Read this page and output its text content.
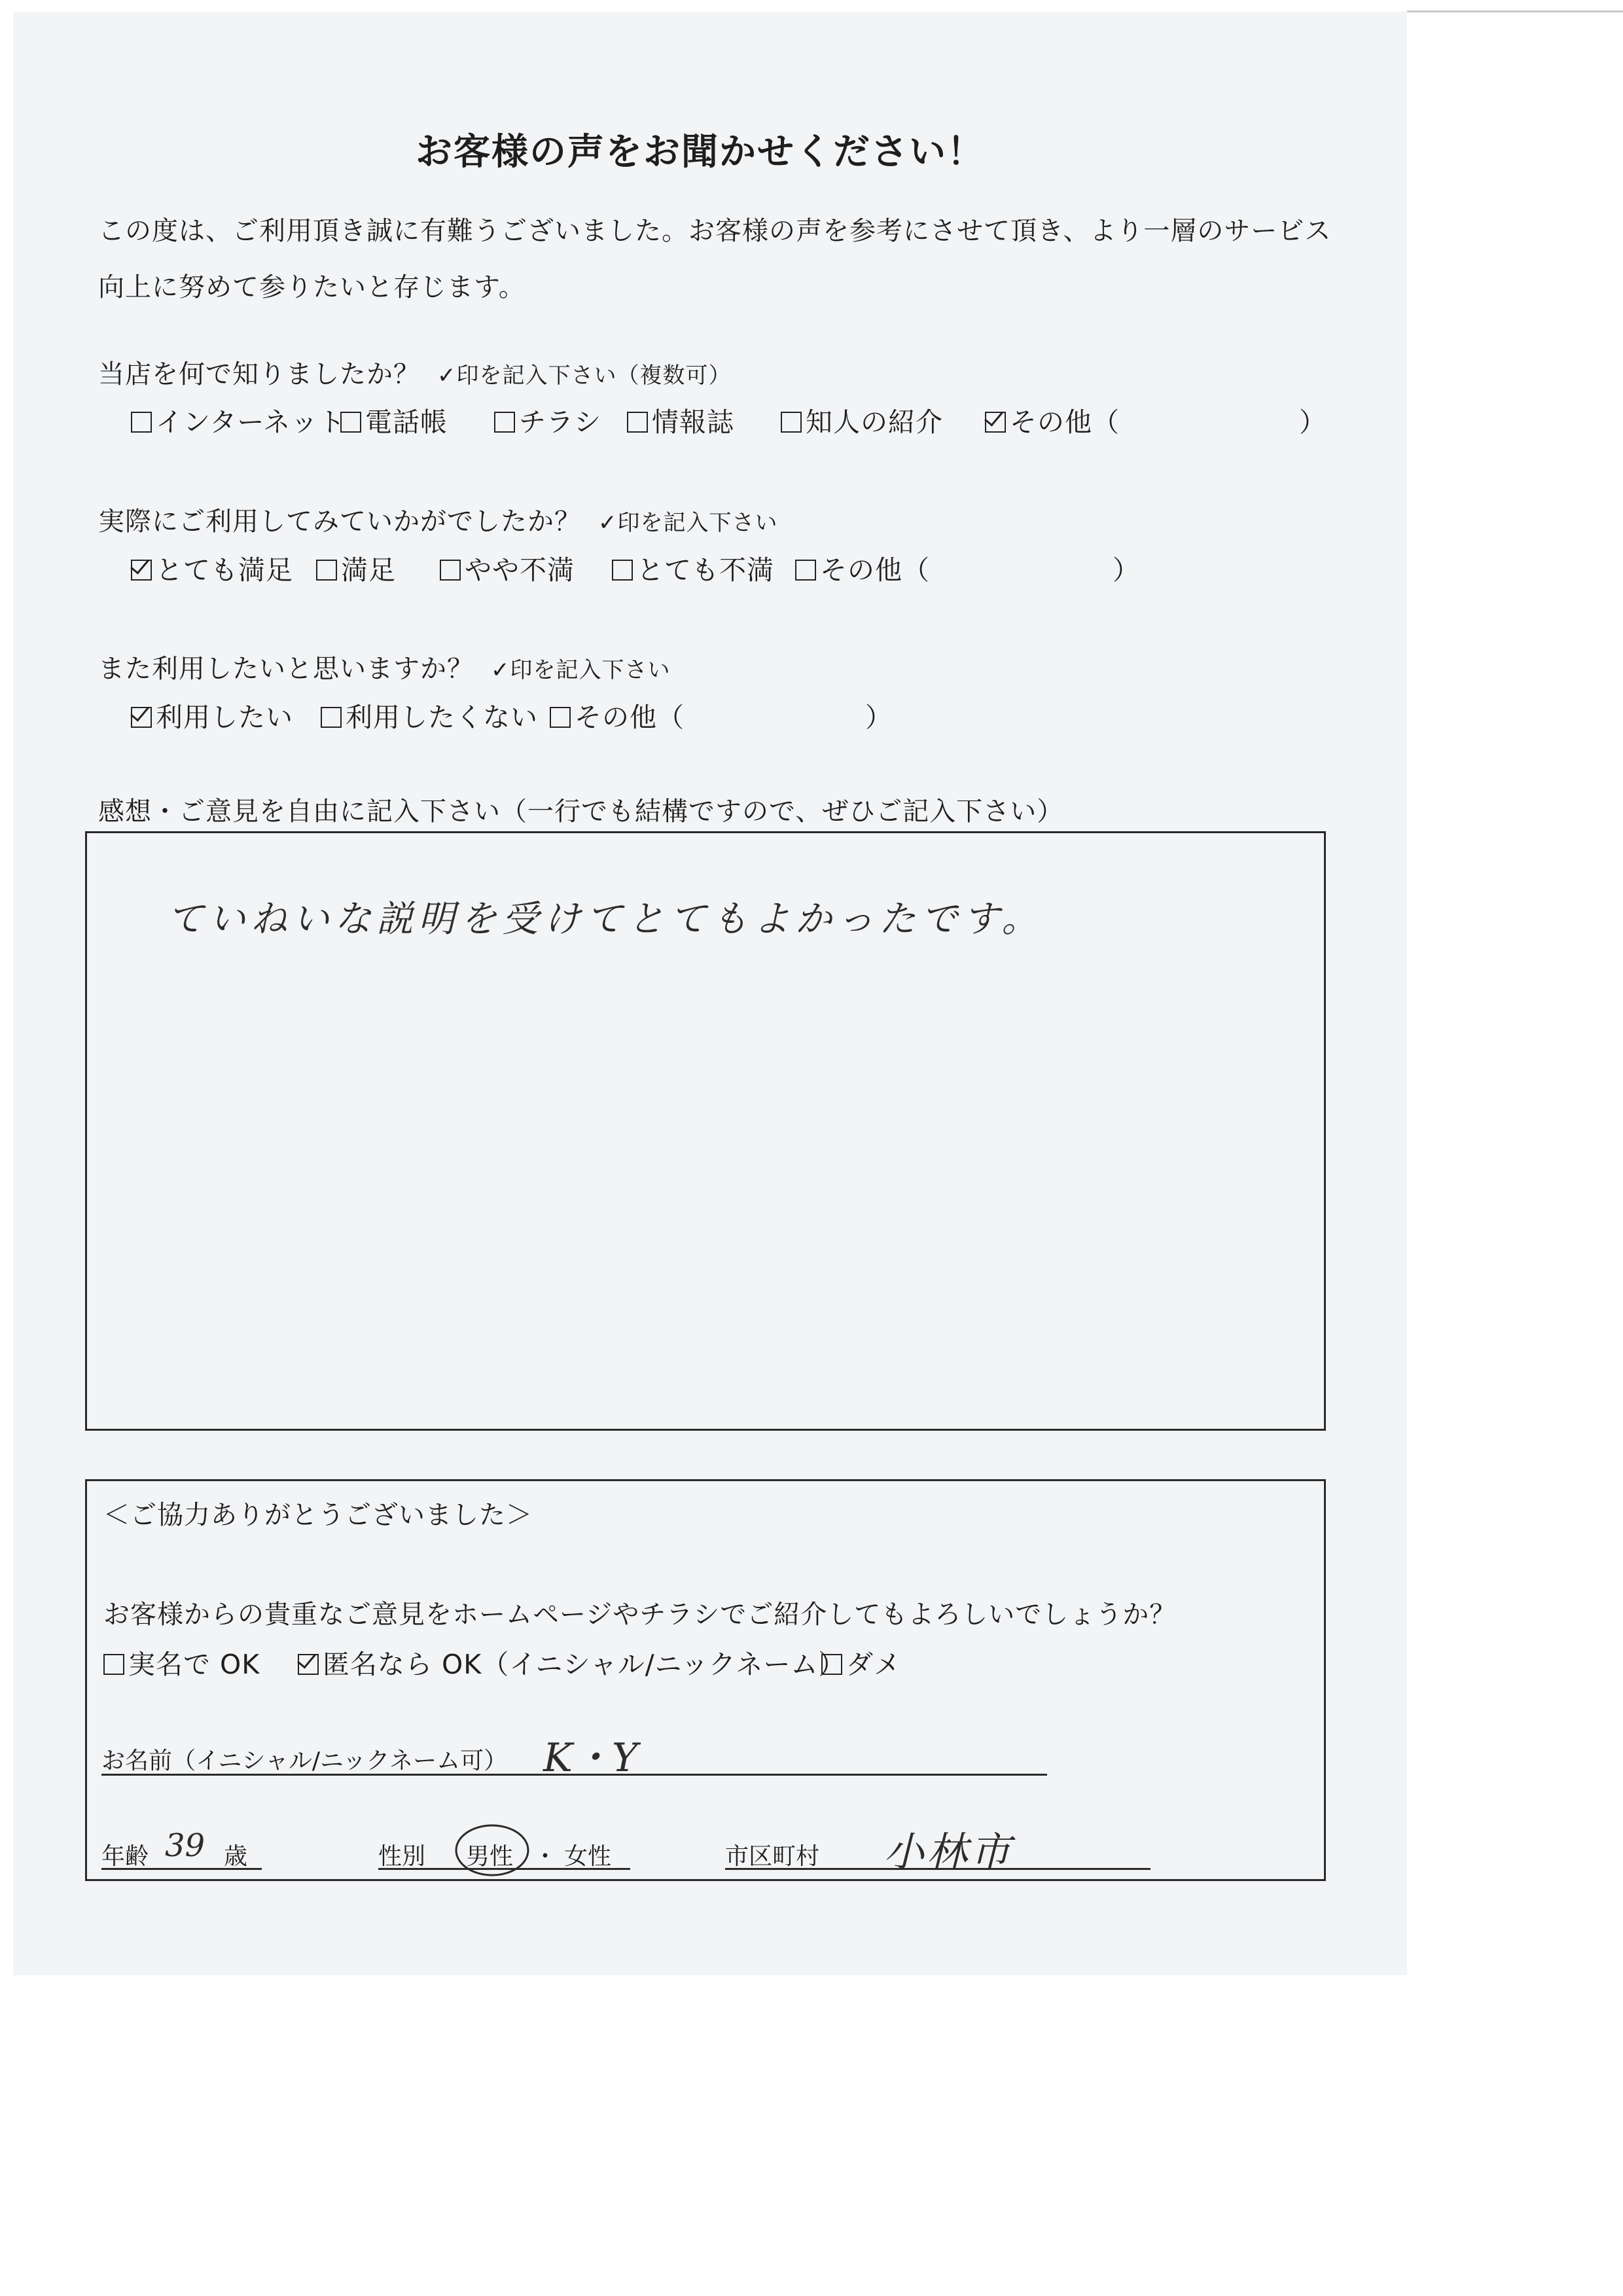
お客様の声をお聞かせください！
この度は、ご利用頂き誠に有難うございました。お客様の声を参考にさせて頂き、より一層のサービス向上に努めて参りたいと存じます。
当店を何で知りましたか？ ✓印を記入下さい（複数可）
インターネット 電話帳	チラシ	情報誌	知人の紹介	その他（	）
実際にご利用してみていかがでしたか？ ✓印を記入下さい
とても満足	満足	やや不満	とても不満	その他（	）
また利用したいと思いますか？ ✓印を記入下さい
利用したい	利用したくない	その他（	）
感想・ご意見を自由に記入下さい（一行でも結構ですので、ぜひご記入下さい）
ていねいな説明を受けてとてもよかったです。
＜ご協力ありがとうございました＞
お客様からの貴重なご意見をホームページやチラシでご紹介してもよろしいでしょうか？
実名で OK	匿名なら OK（イニシャル/ニックネーム） ダメ
お名前（イニシャル/ニックネーム可） K・Y
年齢 39 歳	性別 男性 ・ 女性	市区町村 小林市
